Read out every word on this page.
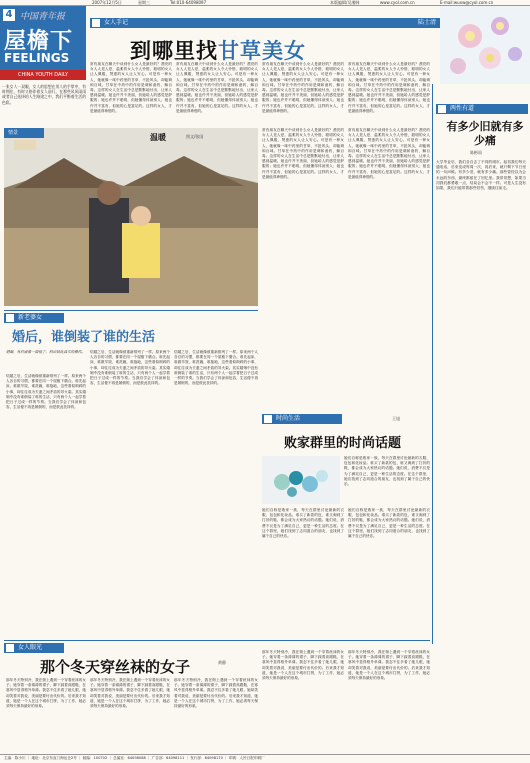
2007年12月5日	星期三	Tel:010-64098097	本版编辑/吴湘韩	www.cyol.com.cn	E-mail:wuxw@cyol.com.cn
4 中国青年报
屋檐下
FEELINGS
CHINA YOUTH DAILY
一张女人一双眼，女人的思想在男人的手掌中，有时拥住，有时又陪伴着女人前行。在那些风风雨雨或者自己选择的人生路途之中，我们平衡着生活的色彩。
女人手记	陆士清
到哪里找甘草美女
常有朋友在聊天中谈到什么女人是最好的？漂亮的女人人见人爱，温柔的女人令人怜惜，聪明的女人让人佩服，贤惠的女人让人安心。可是有一种女人，她就像一味中药里的甘草，不抢风头，却能调和百味。甘草在中药中的作用是调和诸药，解百毒。这样的女人在生活中总是默默地付出，让家人感到温暖。她也许并不美丽，但她给人的感觉是舒服的；她也许并不聪明，但她懂得体谅别人；她也许并不富有，但她的心是富足的。这样的女人，才是最值得珍惜的。
常有朋友在聊天中谈到什么女人是最好的？漂亮的女人人见人爱，温柔的女人令人怜惜，聪明的女人让人佩服，贤惠的女人让人安心。可是有一种女人，她就像一味中药里的甘草，不抢风头，却能调和百味。甘草在中药中的作用是调和诸药，解百毒。这样的女人在生活中总是默默地付出，让家人感到温暖。她也许并不美丽，但她给人的感觉是舒服的；她也许并不聪明，但她懂得体谅别人；她也许并不富有，但她的心是富足的。这样的女人，才是最值得珍惜的。
常有朋友在聊天中谈到什么女人是最好的？漂亮的女人人见人爱，温柔的女人令人怜惜，聪明的女人让人佩服，贤惠的女人让人安心。可是有一种女人，她就像一味中药里的甘草，不抢风头，却能调和百味。甘草在中药中的作用是调和诸药，解百毒。这样的女人在生活中总是默默地付出，让家人感到温暖。她也许并不美丽，但她给人的感觉是舒服的；她也许并不聪明，但她懂得体谅别人；她也许并不富有，但她的心是富足的。这样的女人，才是最值得珍惜的。
常有朋友在聊天中谈到什么女人是最好的？漂亮的女人人见人爱，温柔的女人令人怜惜，聪明的女人让人佩服，贤惠的女人让人安心。可是有一种女人，她就像一味中药里的甘草，不抢风头，却能调和百味。甘草在中药中的作用是调和诸药，解百毒。这样的女人在生活中总是默默地付出，让家人感到温暖。她也许并不美丽，但她给人的感觉是舒服的；她也许并不聪明，但她懂得体谅别人；她也许并不富有，但她的心是富足的。这样的女人，才是最值得珍惜的。
常有朋友在聊天中谈到什么女人是最好的？漂亮的女人人见人爱，温柔的女人令人怜惜，聪明的女人让人佩服，贤惠的女人让人安心。可是有一种女人，她就像一味中药里的甘草，不抢风头，却能调和百味。甘草在中药中的作用是调和诸药，解百毒。这样的女人在生活中总是默默地付出，让家人感到温暖。她也许并不美丽，但她给人的感觉是舒服的；她也许并不聪明，但她懂得体谅别人；她也许并不富有，但她的心是富足的。这样的女人，才是最值得珍惜的。
常有朋友在聊天中谈到什么女人是最好的？漂亮的女人人见人爱，温柔的女人令人怜惜，聪明的女人让人佩服，贤惠的女人让人安心。可是有一种女人，她就像一味中药里的甘草，不抢风头，却能调和百味。甘草在中药中的作用是调和诸药，解百毒。这样的女人在生活中总是默默地付出，让家人感到温暖。她也许并不美丽，但她给人的感觉是舒服的；她也许并不聪明，但她懂得体谅别人；她也许并不富有，但她的心是富足的。这样的女人，才是最值得珍惜的。
情景	温暖	图文/张国
两性有道
有多少旧就有多少痛
陈彬雨
大学毕业后，我们各自去了不同的城市。起初我们每天通电话，后来变成每周一次，再后来，就只剩下节日里的一句问候。有多少旧，就有多少痛。那些曾经以为会永远的东西，最终都留在了回忆里。我常常想，如果当初我们都勇敢一点，结局会不会不一样。可是人生没有如果，我们只能带着那些旧伤，继续往前走。
新老婆女
婚后，谁倒装了谁的生活
婚姻，有时就像一面镜子，照出彼此真实的模样。
结婚之后，生活就像被重新排列了一样。原来两个人各自的习惯，都要在同一个屋檐下磨合。谁先起床，谁做早饭，谁洗碗，谁拖地，这些看似琐碎的小事，却往往成为夫妻之间矛盾的导火索。其实婚姻中没有谁倒装了谁的生活，只有两个人一起学着把日子过成一样的节奏。当我们学会了体谅和包容，生活便不再是颠倒的，而是彼此扶持的。
结婚之后，生活就像被重新排列了一样。原来两个人各自的习惯，都要在同一个屋檐下磨合。谁先起床，谁做早饭，谁洗碗，谁拖地，这些看似琐碎的小事，却往往成为夫妻之间矛盾的导火索。其实婚姻中没有谁倒装了谁的生活，只有两个人一起学着把日子过成一样的节奏。当我们学会了体谅和包容，生活便不再是颠倒的，而是彼此扶持的。
结婚之后，生活就像被重新排列了一样。原来两个人各自的习惯，都要在同一个屋檐下磨合。谁先起床，谁做早饭，谁洗碗，谁拖地，这些看似琐碎的小事，却往往成为夫妻之间矛盾的导火索。其实婚姻中没有谁倒装了谁的生活，只有两个人一起学着把日子过成一样的节奏。当我们学会了体谅和包容，生活便不再是颠倒的，而是彼此扶持的。
时尚生活	王旭
败家群里的时尚话题
她们自称是败家一族，每天在群里讨论最新的衣服、包包和化妆品。谁买了新款的包，谁又淘到了打折的鞋，都会成为大家热议的话题。她们说，消费不仅是为了满足自己，更是一种生活的态度。在这个群里，她们找到了志同道合的朋友，也找到了属于自己的快乐。
她们自称是败家一族，每天在群里讨论最新的衣服、包包和化妆品。谁买了新款的包，谁又淘到了打折的鞋，都会成为大家热议的话题。她们说，消费不仅是为了满足自己，更是一种生活的态度。在这个群里，她们找到了志同道合的朋友，也找到了属于自己的快乐。
她们自称是败家一族，每天在群里讨论最新的衣服、包包和化妆品。谁买了新款的包，谁又淘到了打折的鞋，都会成为大家热议的话题。她们说，消费不仅是为了满足自己，更是一种生活的态度。在这个群里，她们找到了志同道合的朋友，也找到了属于自己的快乐。
女人眼光
那个冬天穿丝袜的女子	黄静
那年冬天特别冷，我在街上遇到一个穿着丝袜的女子。她穿着一条薄薄的裙子，脚下踩着高跟鞋，在寒风中显得格外单薄。我忍不住多看了她几眼，她却笑着对我说，美丽是要付出代价的。后来我才知道，她是一个人在这个城市打拼，为了工作，她必须每天保持最好的形象。
那年冬天特别冷，我在街上遇到一个穿着丝袜的女子。她穿着一条薄薄的裙子，脚下踩着高跟鞋，在寒风中显得格外单薄。我忍不住多看了她几眼，她却笑着对我说，美丽是要付出代价的。后来我才知道，她是一个人在这个城市打拼，为了工作，她必须每天保持最好的形象。
那年冬天特别冷，我在街上遇到一个穿着丝袜的女子。她穿着一条薄薄的裙子，脚下踩着高跟鞋，在寒风中显得格外单薄。我忍不住多看了她几眼，她却笑着对我说，美丽是要付出代价的。后来我才知道，她是一个人在这个城市打拼，为了工作，她必须每天保持最好的形象。
那年冬天特别冷，我在街上遇到一个穿着丝袜的女子。她穿着一条薄薄的裙子，脚下踩着高跟鞋，在寒风中显得格外单薄。我忍不住多看了她几眼，她却笑着对我说，美丽是要付出代价的。后来我才知道，她是一个人在这个城市打拼，为了工作，她必须每天保持最好的形象。
那年冬天特别冷，我在街上遇到一个穿着丝袜的女子。她穿着一条薄薄的裙子，脚下踩着高跟鞋，在寒风中显得格外单薄。我忍不住多看了她几眼，她却笑着对我说，美丽是要付出代价的。后来我才知道，她是一个人在这个城市打拼，为了工作，她必须每天保持最好的形象。
主编：陈小川 ｜ 地址：北京东直门海运仓2号 ｜ 邮编：100702 ｜ 总编室：64098088 ｜ 广告部：64098111 ｜ 发行部：64098170 ｜ 印刷：人民日报印刷厂
